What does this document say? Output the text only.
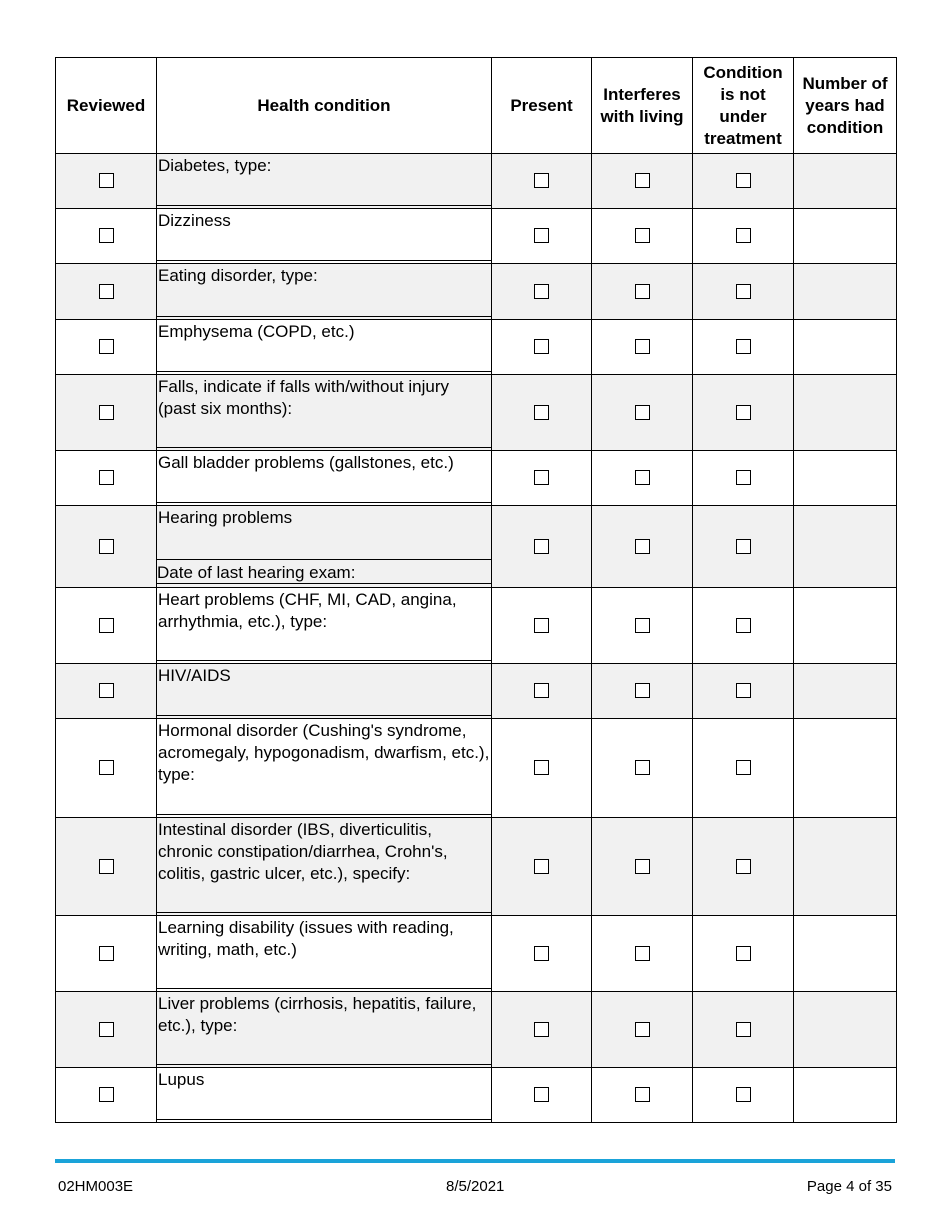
Reviewed	Health condition	Present	Interferes with living	Condition is not under treatment	Number of years had condition

	Diabetes, type:				

	Dizziness				

	Eating disorder, type:				

	Emphysema (COPD, etc.)				

	Falls, indicate if falls with/without injury (past six months):				

	Gall bladder problems (gallstones, etc.)				

	Hearing problems
Date of last hearing exam:				

	Heart problems (CHF, MI, CAD, angina, arrhythmia, etc.), type:				

	HIV/AIDS				

	Hormonal disorder (Cushing's syndrome, acromegaly, hypogonadism, dwarfism, etc.), type:				

	Intestinal disorder (IBS, diverticulitis, chronic constipation/diarrhea, Crohn's, colitis, gastric ulcer, etc.), specify:				

	Learning disability (issues with reading, writing, math, etc.)				

	Liver problems (cirrhosis, hepatitis, failure, etc.), type:				

	Lupus				

02HM003E	8/5/2021	Page 4 of 35
